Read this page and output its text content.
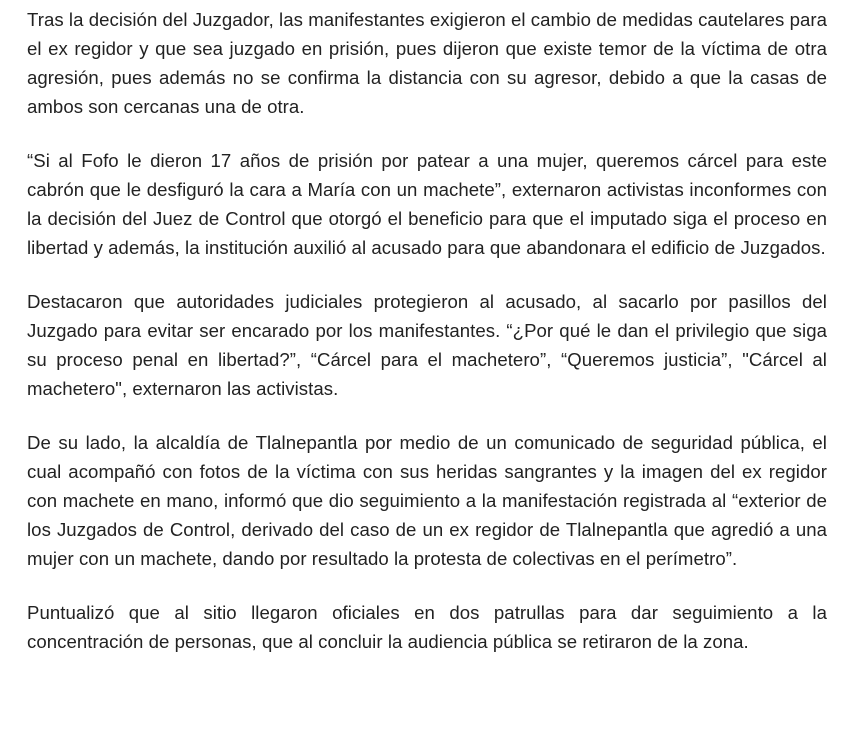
Tras la decisión del Juzgador, las manifestantes exigieron el cambio de medidas cautelares para el ex regidor y que sea juzgado en prisión, pues dijeron que existe temor de la víctima de otra agresión, pues además no se confirma la distancia con su agresor, debido a que la casas de ambos son cercanas una de otra.

“Si al Fofo le dieron 17 años de prisión por patear a una mujer, queremos cárcel para este cabrón que le desfiguró la cara a María con un machete”, externaron activistas inconformes con la decisión del Juez de Control que otorgó el beneficio para que el imputado siga el proceso en libertad y además, la institución auxilió al acusado para que abandonara el edificio de Juzgados.

Destacaron que autoridades judiciales protegieron al acusado, al sacarlo por pasillos del Juzgado para evitar ser encarado por los manifestantes. “¿Por qué le dan el privilegio que siga su proceso penal en libertad?”, “Cárcel para el machetero”, “Queremos justicia”, "Cárcel al machetero", externaron las activistas.

De su lado, la alcaldía de Tlalnepantla por medio de un comunicado de seguridad pública, el cual acompañó con fotos de la víctima con sus heridas sangrantes y la imagen del ex regidor con machete en mano, informó que dio seguimiento a la manifestación registrada al “exterior de los Juzgados de Control, derivado del caso de un ex regidor de Tlalnepantla que agredió a una mujer con un machete, dando por resultado la protesta de colectivas en el perímetro”.

Puntualizó que al sitio llegaron oficiales en dos patrullas para dar seguimiento a la concentración de personas, que al concluir la audiencia pública se retiraron de la zona.
